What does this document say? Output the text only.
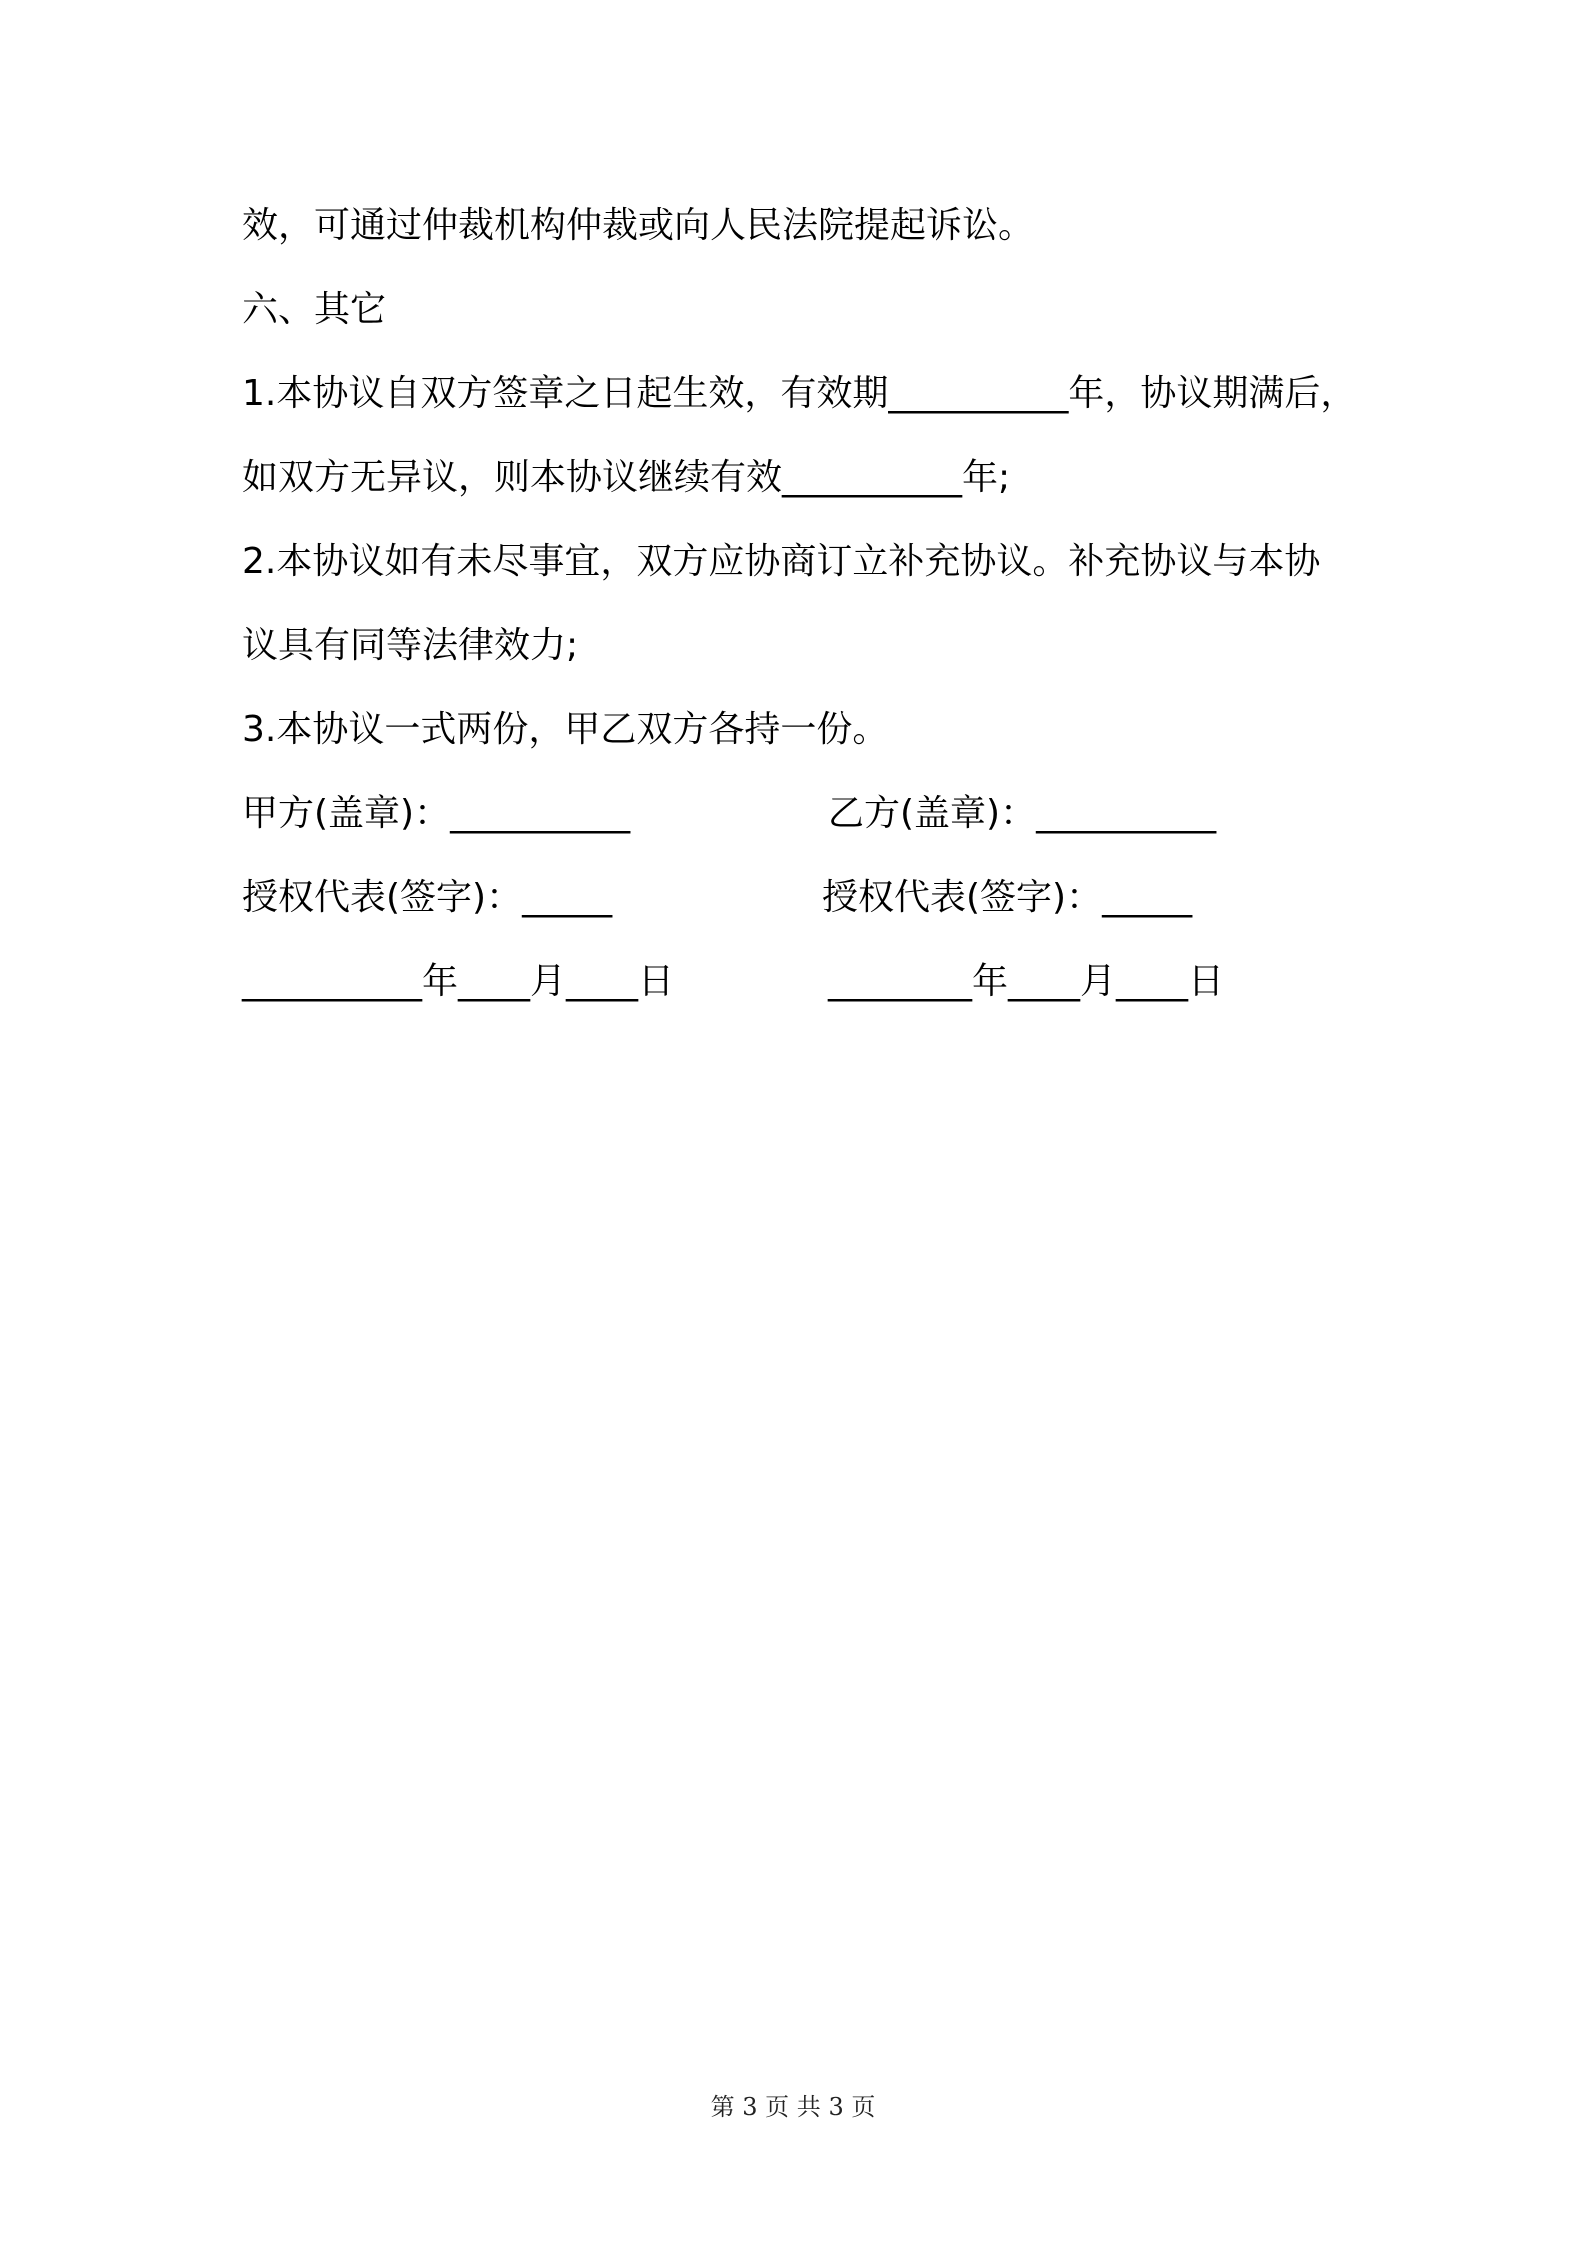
效，可通过仲裁机构仲裁或向人民法院提起诉讼。
六、其它
1.本协议自双方签章之日起生效，有效期__________年，协议期满后，
如双方无异议，则本协议继续有效__________年;
2.本协议如有未尽事宜，双方应协商订立补充协议。补充协议与本协
议具有同等法律效力;
3.本协议一式两份，甲乙双方各持一份。
甲方(盖章)：__________	乙方(盖章)：__________
授权代表(签字)：_____	授权代表(签字)：_____
__________年____月____日	________年____月____日
第 3 页 共 3 页
